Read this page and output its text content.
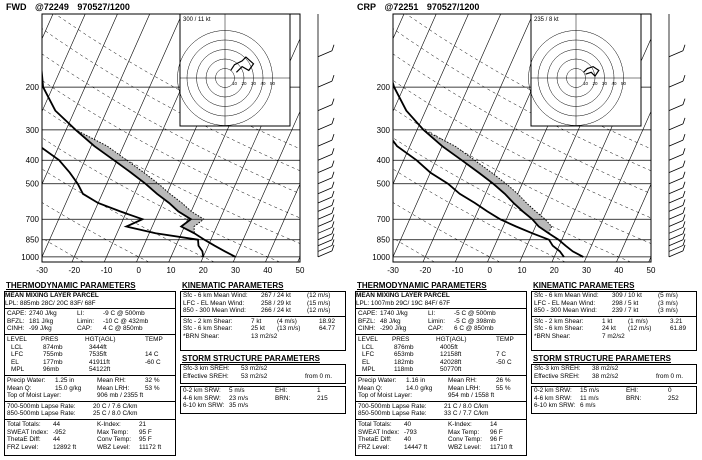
200
300
400
500
700
850
1000
-30	-20	-10	0	10	20	30	40	50
10 20 30 40 50
300 / 11 kt
FWD @72249 970527/1200
THERMODYNAMIC PARAMETERS	KINEMATIC PARAMETERS
STORM STRUCTURE PARAMETERS
MEAN MIXING LAYER PARCEL
LPL: 885mb 28C/ 20C 83F/ 68F
CAPE: 2740 J/kg	LI:	-9 C @ 500mb
BFZL: 181 J/kg	Limin: -10 C @ 432mb
CINH: -99 J/kg	CAP: 4 C @ 850mb
LEVEL PRES	HGT(AGL)	TEMP
LCL	874mb	3444ft
LFC	755mb	7535ft	14 C
EL	177mb	41911ft	-60 C
MPL	96mb	54122ft
Precip Water: 1.25 in	Mean RH:	32 %
Mean Q:	15.0 g/kg Mean LRH: 53 %
Top of Moist Layer:	906 mb / 2355 ft
700-500mb Lapse Rate:	20 C / 7.6 C/km
850-500mb Lapse Rate:	25 C / 8.0 C/km
Total Totals: 44	K-Index:	21
SWEAT Index: -952	Max Temp: 95 F
ThetaE Diff: 44	Conv Temp: 95 F
FRZ Level: 12892 ft	WBZ Level: 11172 ft
Sfc - 6 km Mean Wind: 267 / 24 kt	(12 m/s)
LFC - EL Mean Wind:	258 / 29 kt	(15 m/s)
850 - 300 Mean Wind: 266 / 24 kt	(12 m/s)
Sfc - 2 km Shear:	7 kt (4 m/s)	18.92
Sfc - 6 km Shear:	25 kt (13 m/s)	64.77
*BRN Shear:	13 m2/s2
Sfc-3 km SREH: 53 m2/s2
Effective SREH: 53 m2/s2	from 0 m.
0-2 km SRW: 5 m/s	EHI:	1
4-6 km SRW: 23 m/s	BRN:	215
6-10 km SRW: 35 m/s
200
300
400
500
700
850
1000
-30	-20	-10	0	10	20	30	40	50
10 20 30 40 50
235 / 8 kt
CRP @72251 970527/1200
THERMODYNAMIC PARAMETERS	KINEMATIC PARAMETERS
STORM STRUCTURE PARAMETERS
MEAN MIXING LAYER PARCEL
LPL: 1007mb 29C/ 19C 84F/ 67F
CAPE: 1740 J/kg	LI:	-5 C @ 500mb
BFZL: 48 J/kg	Limin: -5 C @ 398mb
CINH: -290 J/kg	CAP: 6 C @ 850mb
LEVEL PRES	HGT(AGL)	TEMP
LCL	876mb	4005ft
LFC	653mb	12158ft	7 C
EL	182mb	42028ft	-50 C
MPL	118mb	50770ft
Precip Water: 1.16 in	Mean RH:	26 %
Mean Q:	14.0 g/kg Mean LRH: 55 %
Top of Moist Layer:	954 mb / 1558 ft
700-500mb Lapse Rate:	21 C / 8.0 C/km
850-500mb Lapse Rate:	33 C / 7.7 C/km
Total Totals: 40	K-Index:	14
SWEAT Index: -793	Max Temp: 96 F
ThetaE Diff: 40	Conv Temp: 96 F
FRZ Level: 14447 ft	WBZ Level: 11710 ft
Sfc - 6 km Mean Wind: 309 / 10 kt	(5 m/s)
LFC - EL Mean Wind:	298 / 5 kt	(3 m/s)
850 - 300 Mean Wind: 239 / 7 kt	(3 m/s)
Sfc - 2 km Shear:	1 kt (1 m/s)	3.21
Sfc - 6 km Shear:	24 kt (12 m/s)	61.89
*BRN Shear:	7 m2/s2
Sfc-3 km SREH: 38 m2/s2
Effective SREH: 38 m2/s2	from 0 m.
0-2 km SRW: 15 m/s	EHI:	0
4-6 km SRW: 11 m/s	BRN:	252
6-10 km SRW: 6 m/s
